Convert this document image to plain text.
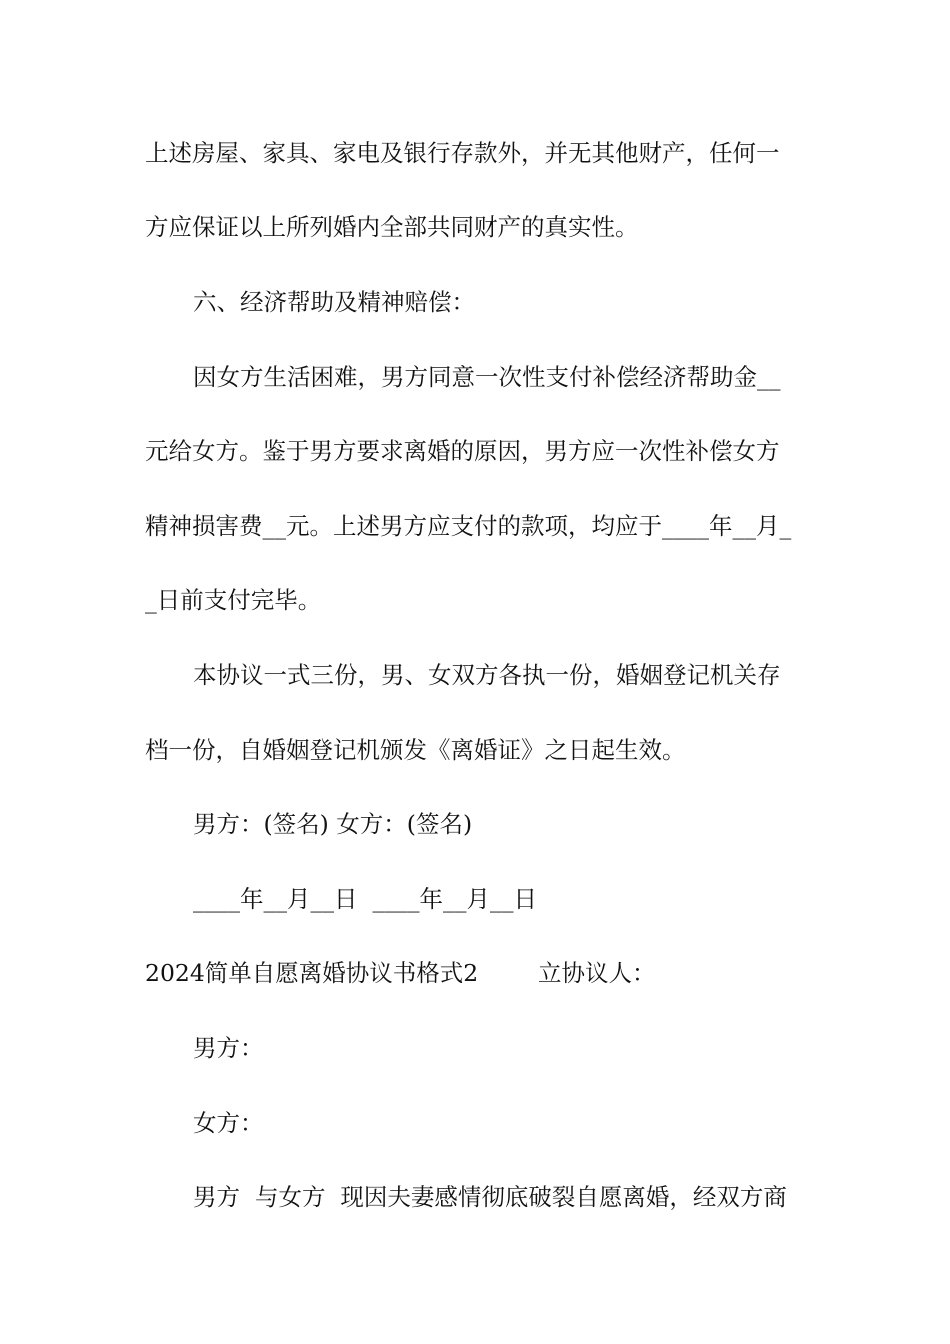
上述房屋、家具、家电及银行存款外，并无其他财产，任何一

方应保证以上所列婚内全部共同财产的真实性。

六、经济帮助及精神赔偿：

因女方生活困难，男方同意一次性支付补偿经济帮助金__

元给女方。鉴于男方要求离婚的原因，男方应一次性补偿女方

精神损害费__元。上述男方应支付的款项，均应于____年__月_

_日前支付完毕。

本协议一式三份，男、女双方各执一份，婚姻登记机关存

档一份，自婚姻登记机颁发《离婚证》之日起生效。

男方：(签名) 女方：(签名)

____年__月__日  ____年__月__日

2024简单自愿离婚协议书格式2        立协议人：

男方：

女方：

男方  与女方  现因夫妻感情彻底破裂自愿离婚，经双方商
